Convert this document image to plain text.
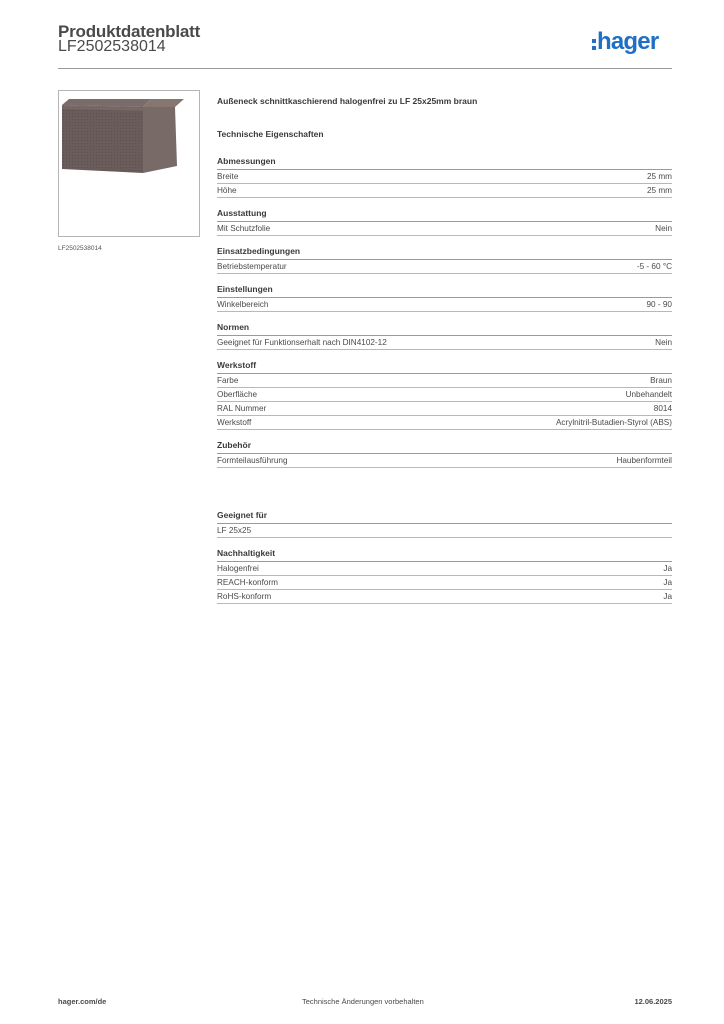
Produktdatenblatt
LF2502538014	hager
LF2502538014
Außeneck schnittkaschierend halogenfrei zu LF 25x25mm braun
Technische Eigenschaften
Abmessungen
Breite	25 mm
Höhe	25 mm
Ausstattung
Mit Schutzfolie	Nein
Einsatzbedingungen
Betriebstemperatur	-5 - 60 °C
Einstellungen
Winkelbereich	90 - 90
Normen
Geeignet für Funktionserhalt nach DIN4102-12	Nein
Werkstoff
Farbe	Braun
Oberfläche	Unbehandelt
RAL Nummer	8014
Werkstoff	Acrylnitril-Butadien-Styrol (ABS)
Zubehör
Formteilausführung	Haubenformteil
Geeignet für
LF 25x25
Nachhaltigkeit
Halogenfrei	Ja
REACH-konform	Ja
RoHS-konform	Ja
hager.com/de	Technische Änderungen vorbehalten	12.06.2025
